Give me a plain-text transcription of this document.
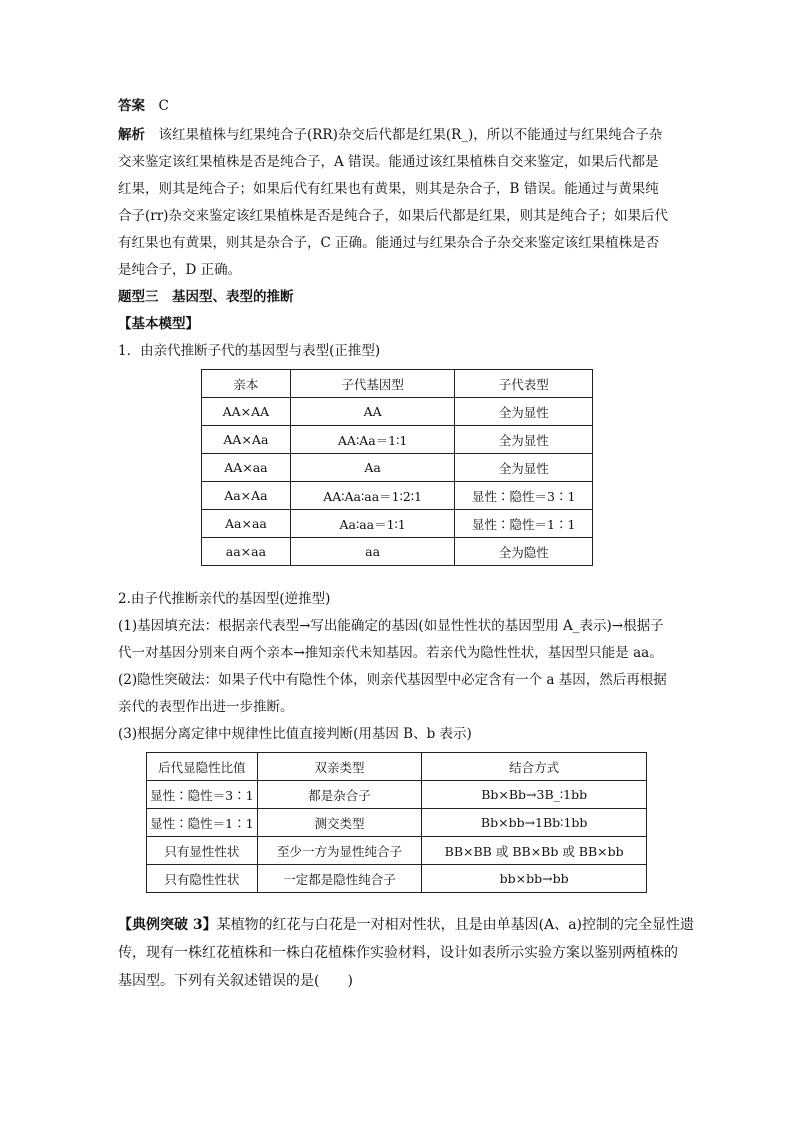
答案　 C
解析　 该红果植株与红果纯合子(RR)杂交后代都是红果(R_)，所以不能通过与红果纯合子杂
交来鉴定该红果植株是否是纯合子，A 错误。能通过该红果植株自交来鉴定，如果后代都是
红果，则其是纯合子；如果后代有红果也有黄果，则其是杂合子，B 错误。能通过与黄果纯
合子(rr)杂交来鉴定该红果植株是否是纯合子，如果后代都是红果，则其是纯合子；如果后代
有红果也有黄果，则其是杂合子，C 正确。能通过与红果杂合子杂交来鉴定该红果植株是否
是纯合子，D 正确。
题型三　基因型、表型的推断
【基本模型】
1．由亲代推断子代的基因型与表型(正推型)
亲本	子代基因型	子代表型
AA×AA	AA	全为显性
AA×Aa	AA∶Aa＝1∶1	全为显性
AA×aa	Aa	全为显性
Aa×Aa	AA∶Aa∶aa＝1∶2∶1	显性∶隐性＝3∶1
Aa×aa	Aa∶aa＝1∶1	显性∶隐性＝1∶1
aa×aa	aa	全为隐性
2.由子代推断亲代的基因型(逆推型)
(1)基因填充法：根据亲代表型→写出能确定的基因(如显性性状的基因型用 A_表示)→根据子
代一对基因分别来自两个亲本→推知亲代未知基因。若亲代为隐性性状，基因型只能是 aa。
(2)隐性突破法：如果子代中有隐性个体，则亲代基因型中必定含有一个 a 基因，然后再根据
亲代的表型作出进一步推断。
(3)根据分离定律中规律性比值直接判断(用基因 B、b 表示)
后代显隐性比值	双亲类型	结合方式
显性∶隐性＝3∶1	都是杂合子	Bb×Bb→3B_∶1bb
显性∶隐性＝1∶1	测交类型	Bb×bb→1Bb∶1bb
只有显性性状	至少一方为显性纯合子	BB×BB 或 BB×Bb 或 BB×bb
只有隐性性状	一定都是隐性纯合子	bb×bb→bb
【典例突破 3】某植物的红花与白花是一对相对性状，且是由单基因(A、a)控制的完全显性遗
传，现有一株红花植株和一株白花植株作实验材料，设计如表所示实验方案以鉴别两植株的
基因型。下列有关叙述错误的是(　　)
